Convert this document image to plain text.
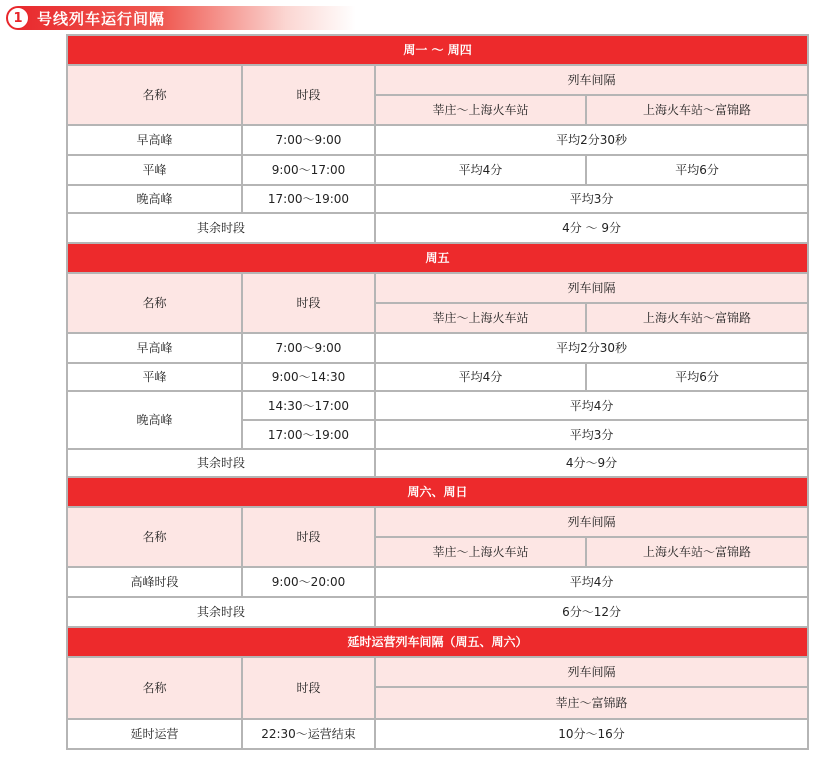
1 号线列车运行间隔
周一 ～ 周四			
名称	时段	列车间隔	
		莘庄～上海火车站	上海火车站～富锦路
早高峰	7:00～9:00	平均2分30秒	
平峰	9:00～17:00	平均4分	平均6分
晚高峰	17:00～19:00	平均3分	
其余时段		4分 ～ 9分	
周五			
名称	时段	列车间隔	
		莘庄～上海火车站	上海火车站～富锦路
早高峰	7:00～9:00	平均2分30秒	
平峰	9:00～14:30	平均4分	平均6分
晚高峰	14:30～17:00	平均4分	
	17:00～19:00	平均3分	
其余时段		4分～9分	
周六、周日			
名称	时段	列车间隔	
		莘庄～上海火车站	上海火车站～富锦路
高峰时段	9:00～20:00	平均4分	
其余时段		6分～12分	
延时运营列车间隔（周五、周六）			
名称	时段	列车间隔	
		莘庄～富锦路	
延时运营	22:30～运营结束	10分～16分	
